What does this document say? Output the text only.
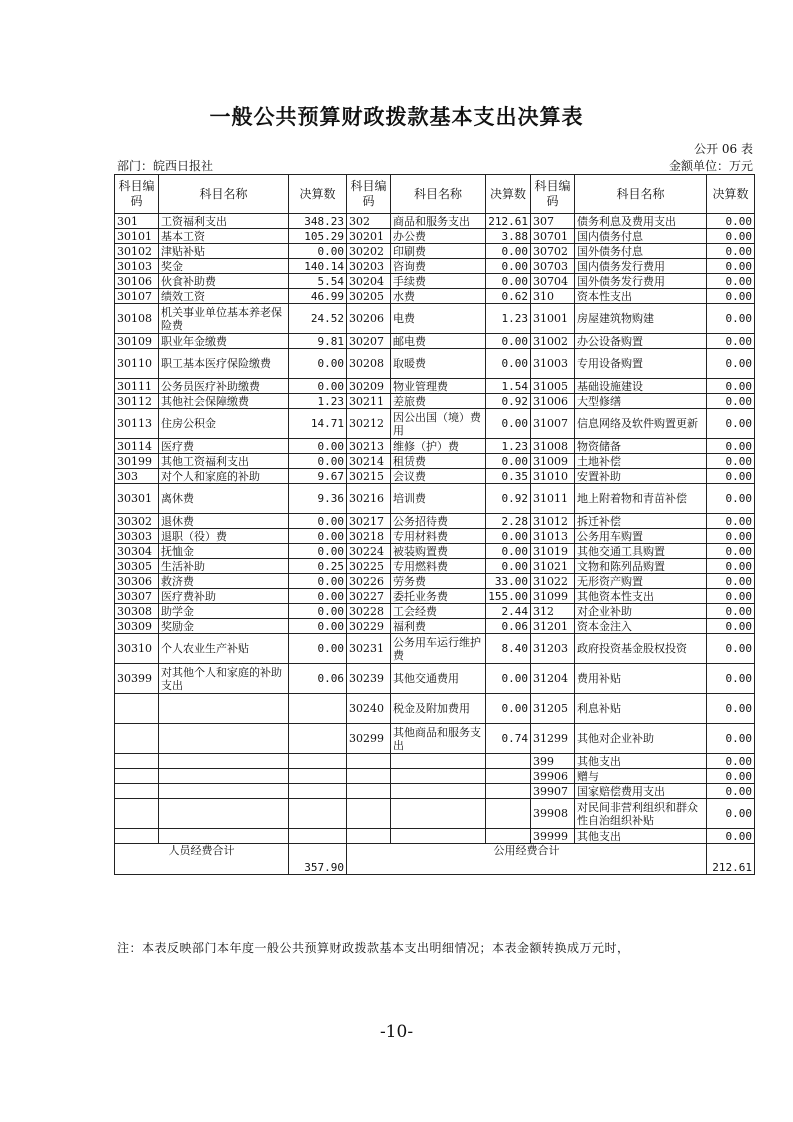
一般公共预算财政拨款基本支出决算表
公开 06 表
部门：皖西日报社	金额单位：万元
科目编码	科目名称	决算数	科目编码	科目名称	决算数	科目编码	科目名称	决算数
301	工资福利支出	348.23	302	商品和服务支出	212.61	307	债务利息及费用支出	0.00
30101	基本工资	105.29	30201	办公费	3.88	30701	国内债务付息	0.00
30102	津贴补贴	0.00	30202	印刷费	0.00	30702	国外债务付息	0.00
30103	奖金	140.14	30203	咨询费	0.00	30703	国内债务发行费用	0.00
30106	伙食补助费	5.54	30204	手续费	0.00	30704	国外债务发行费用	0.00
30107	绩效工资	46.99	30205	水费	0.62	310	资本性支出	0.00
30108	机关事业单位基本养老保险费	24.52	30206	电费	1.23	31001	房屋建筑物购建	0.00
30109	职业年金缴费	9.81	30207	邮电费	0.00	31002	办公设备购置	0.00
30110	职工基本医疗保险缴费	0.00	30208	取暖费	0.00	31003	专用设备购置	0.00
30111	公务员医疗补助缴费	0.00	30209	物业管理费	1.54	31005	基础设施建设	0.00
30112	其他社会保障缴费	1.23	30211	差旅费	0.92	31006	大型修缮	0.00
30113	住房公积金	14.71	30212	因公出国（境）费用	0.00	31007	信息网络及软件购置更新	0.00
30114	医疗费	0.00	30213	维修（护）费	1.23	31008	物资储备	0.00
30199	其他工资福利支出	0.00	30214	租赁费	0.00	31009	土地补偿	0.00
303	对个人和家庭的补助	9.67	30215	会议费	0.35	31010	安置补助	0.00
30301	离休费	9.36	30216	培训费	0.92	31011	地上附着物和青苗补偿	0.00
30302	退休费	0.00	30217	公务招待费	2.28	31012	拆迁补偿	0.00
30303	退职（役）费	0.00	30218	专用材料费	0.00	31013	公务用车购置	0.00
30304	抚恤金	0.00	30224	被装购置费	0.00	31019	其他交通工具购置	0.00
30305	生活补助	0.25	30225	专用燃料费	0.00	31021	文物和陈列品购置	0.00
30306	救济费	0.00	30226	劳务费	33.00	31022	无形资产购置	0.00
30307	医疗费补助	0.00	30227	委托业务费	155.00	31099	其他资本性支出	0.00
30308	助学金	0.00	30228	工会经费	2.44	312	对企业补助	0.00
30309	奖励金	0.00	30229	福利费	0.06	31201	资本金注入	0.00
30310	个人农业生产补贴	0.00	30231	公务用车运行维护费	8.40	31203	政府投资基金股权投资	0.00
30399	对其他个人和家庭的补助支出	0.06	30239	其他交通费用	0.00	31204	费用补贴	0.00
			30240	税金及附加费用	0.00	31205	利息补贴	0.00
			30299	其他商品和服务支出	0.74	31299	其他对企业补助	0.00
						399	其他支出	0.00
						39906	赠与	0.00
						39907	国家赔偿费用支出	0.00
						39908	对民间非营利组织和群众性自治组织补贴	0.00
						39999	其他支出	0.00
人员经费合计		357.90	公用经费合计					212.61
注：本表反映部门本年度一般公共预算财政拨款基本支出明细情况；本表金额转换成万元时，
-10-
